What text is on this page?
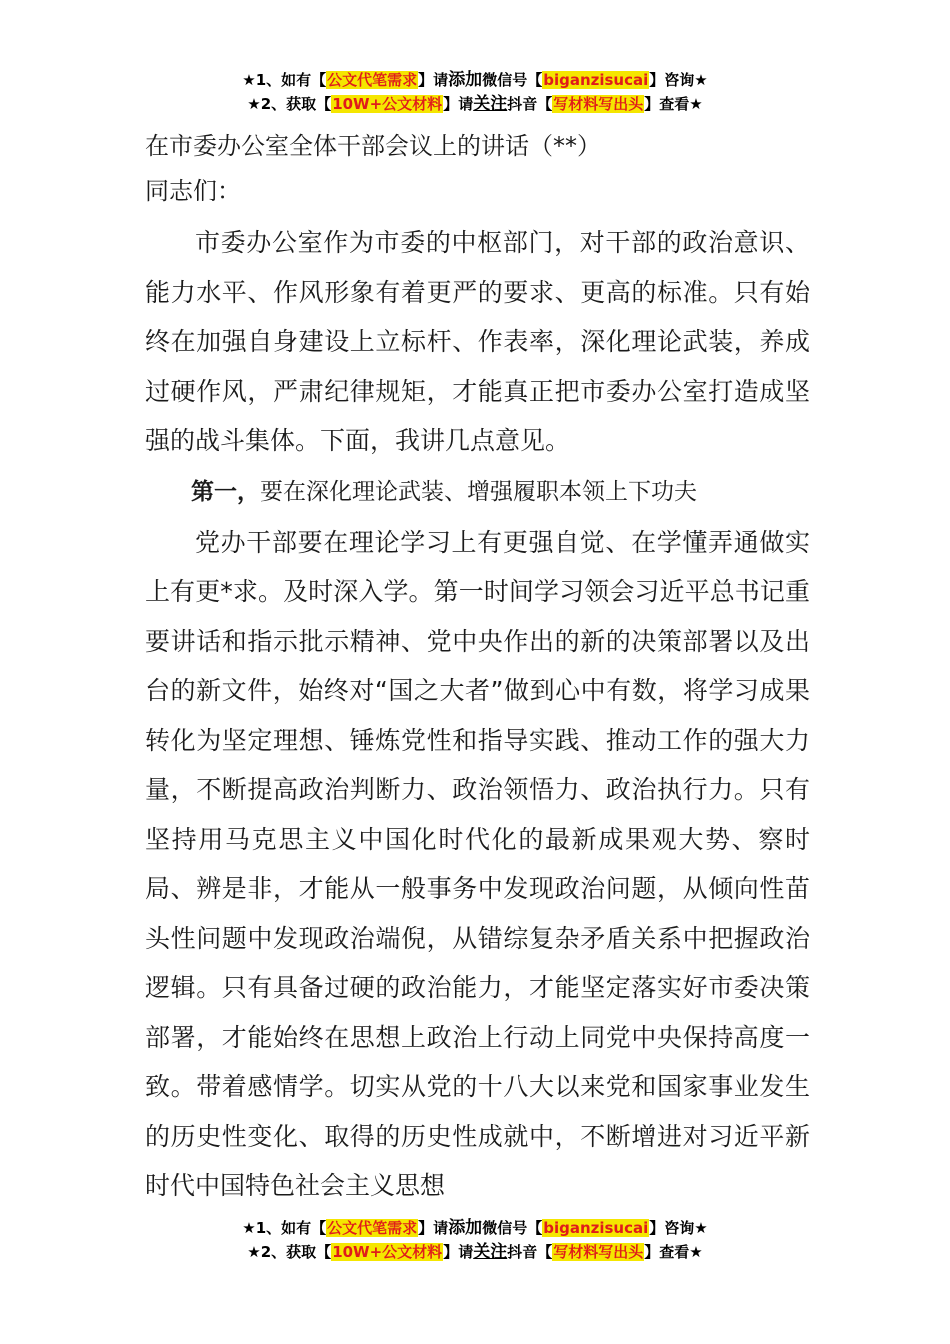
★1、如有【公文代笔需求】请添加微信号【biganzisucai】咨询★
★2、获取【10W+公文材料】请关注抖音【写材料写出头】查看★
在市委办公室全体干部会议上的讲话（**）
同志们：
市委办公室作为市委的中枢部门，对干部的政治意识、能力水平、作风形象有着更严的要求、更高的标准。只有始终在加强自身建设上立标杆、作表率，深化理论武装，养成过硬作风，严肃纪律规矩，才能真正把市委办公室打造成坚强的战斗集体。下面，我讲几点意见。
第一，要在深化理论武装、增强履职本领上下功夫
党办干部要在理论学习上有更强自觉、在学懂弄通做实上有更*求。及时深入学。第一时间学习领会习近平总书记重要讲话和指示批示精神、党中央作出的新的决策部署以及出台的新文件，始终对“国之大者”做到心中有数，将学习成果转化为坚定理想、锤炼党性和指导实践、推动工作的强大力量，不断提高政治判断力、政治领悟力、政治执行力。只有坚持用马克思主义中国化时代化的最新成果观大势、察时局、辨是非，才能从一般事务中发现政治问题，从倾向性苗头性问题中发现政治端倪，从错综复杂矛盾关系中把握政治逻辑。只有具备过硬的政治能力，才能坚定落实好市委决策部署，才能始终在思想上政治上行动上同党中央保持高度一致。带着感情学。切实从党的十八大以来党和国家事业发生的历史性变化、取得的历史性成就中，不断增进对习近平新时代中国特色社会主义思想
★1、如有【公文代笔需求】请添加微信号【biganzisucai】咨询★
★2、获取【10W+公文材料】请关注抖音【写材料写出头】查看★
